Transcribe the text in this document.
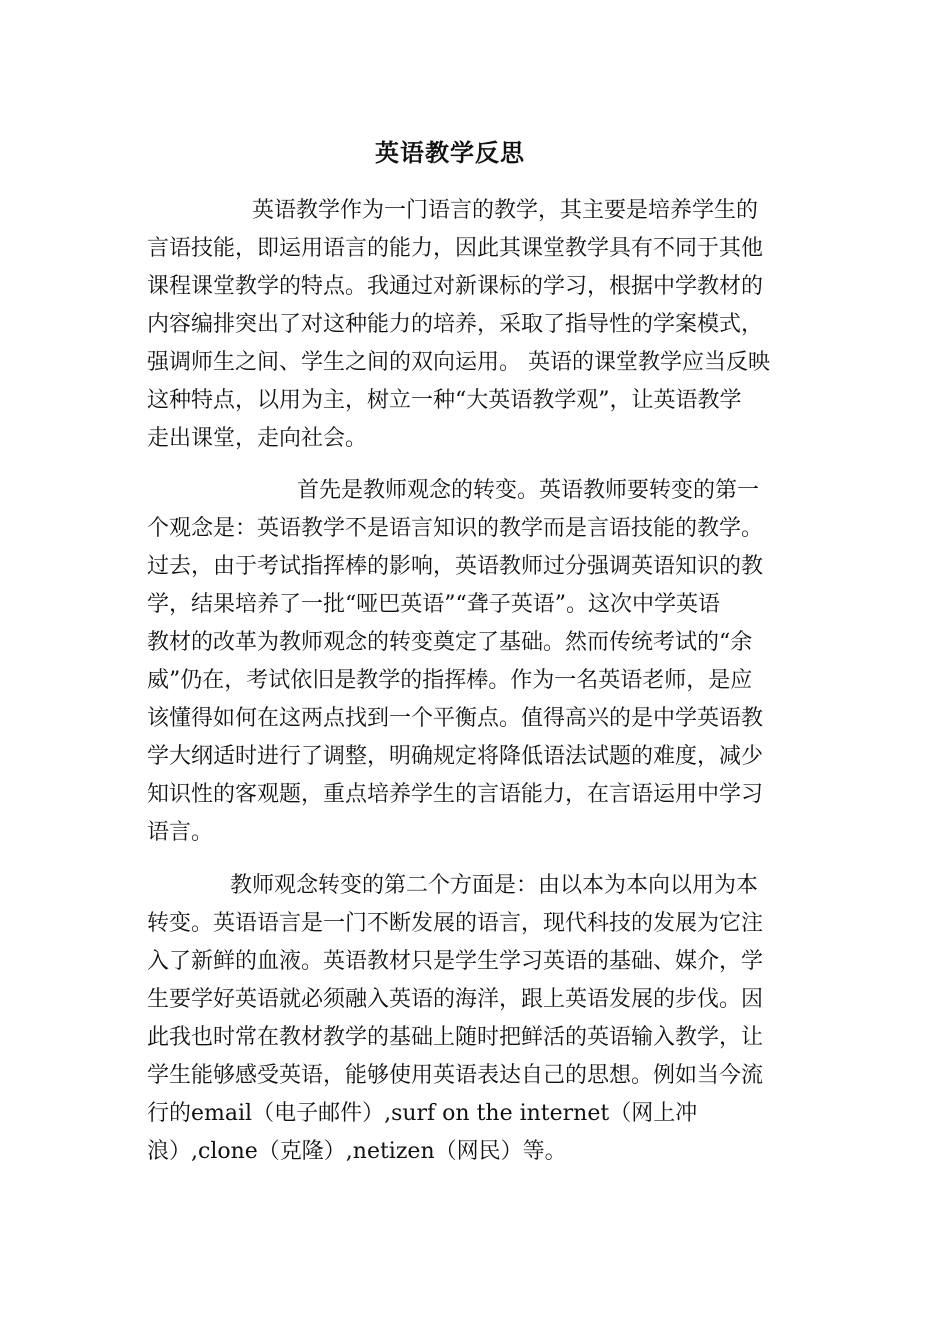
英语教学反思
英语教学作为一门语言的教学，其主要是培养学生的
言语技能，即运用语言的能力，因此其课堂教学具有不同于其他
课程课堂教学的特点。我通过对新课标的学习，根据中学教材的
内容编排突出了对这种能力的培养，采取了指导性的学案模式，
强调师生之间、学生之间的双向运用。 英语的课堂教学应当反映
这种特点，以用为主，树立一种“大英语教学观”，让英语教学
走出课堂，走向社会。
首先是教师观念的转变。英语教师要转变的第一
个观念是：英语教学不是语言知识的教学而是言语技能的教学。
过去，由于考试指挥棒的影响，英语教师过分强调英语知识的教
学，结果培养了一批“哑巴英语”“聋子英语”。这次中学英语
教材的改革为教师观念的转变奠定了基础。然而传统考试的“余
威”仍在，考试依旧是教学的指挥棒。作为一名英语老师，是应
该懂得如何在这两点找到一个平衡点。值得高兴的是中学英语教
学大纲适时进行了调整，明确规定将降低语法试题的难度，减少
知识性的客观题，重点培养学生的言语能力，在言语运用中学习
语言。
教师观念转变的第二个方面是：由以本为本向以用为本
转变。英语语言是一门不断发展的语言，现代科技的发展为它注
入了新鲜的血液。英语教材只是学生学习英语的基础、媒介，学
生要学好英语就必须融入英语的海洋，跟上英语发展的步伐。因
此我也时常在教材教学的基础上随时把鲜活的英语输入教学，让
学生能够感受英语，能够使用英语表达自己的思想。例如当今流
行的email（电子邮件）,surf on the internet（网上冲
浪）,clone（克隆）,netizen（网民）等。
